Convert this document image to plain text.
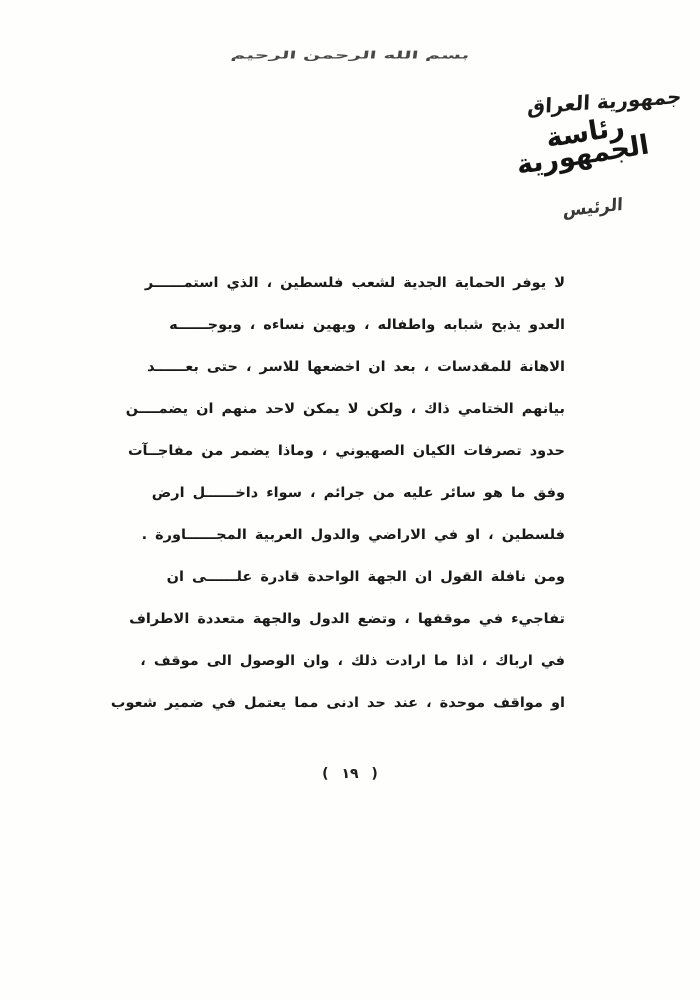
بسم الله الرحمن الرحيم
جمهورية العراق
رئاسة الجمهورية
الرئيس

لا يوفر الحماية الجدية لشعب فلسطين ، الذي استمــــــر

العدو يذبح شبابه واطفاله ، ويهين نساءه ، ويوجــــــه

الاهانة للمقدسات ، بعد ان اخضعها للاسر ، حتى بعــــــد

بيانهم الختامي ذاك ، ولكن لا يمكن لاحد منهم ان يضمــــن

حدود تصرفات الكيان الصهيوني ، وماذا يضمر من مفاجــآت

وفق ما هو سائر عليه من جرائم ، سواء داخــــــل ارض

فلسطين ، او في الاراضي والدول العربية المجــــــاورة .

ومن نافلة القول ان الجهة الواحدة قادرة علــــــى ان

تفاجيء في موقفها ، وتضع الدول والجهة متعددة الاطراف

في ارباك ، اذا ما ارادت ذلك ، وان الوصول الى موقف ،

او مواقف موحدة ، عند حد ادنى مما يعتمل في ضمير شعوب

( ١٩ )
